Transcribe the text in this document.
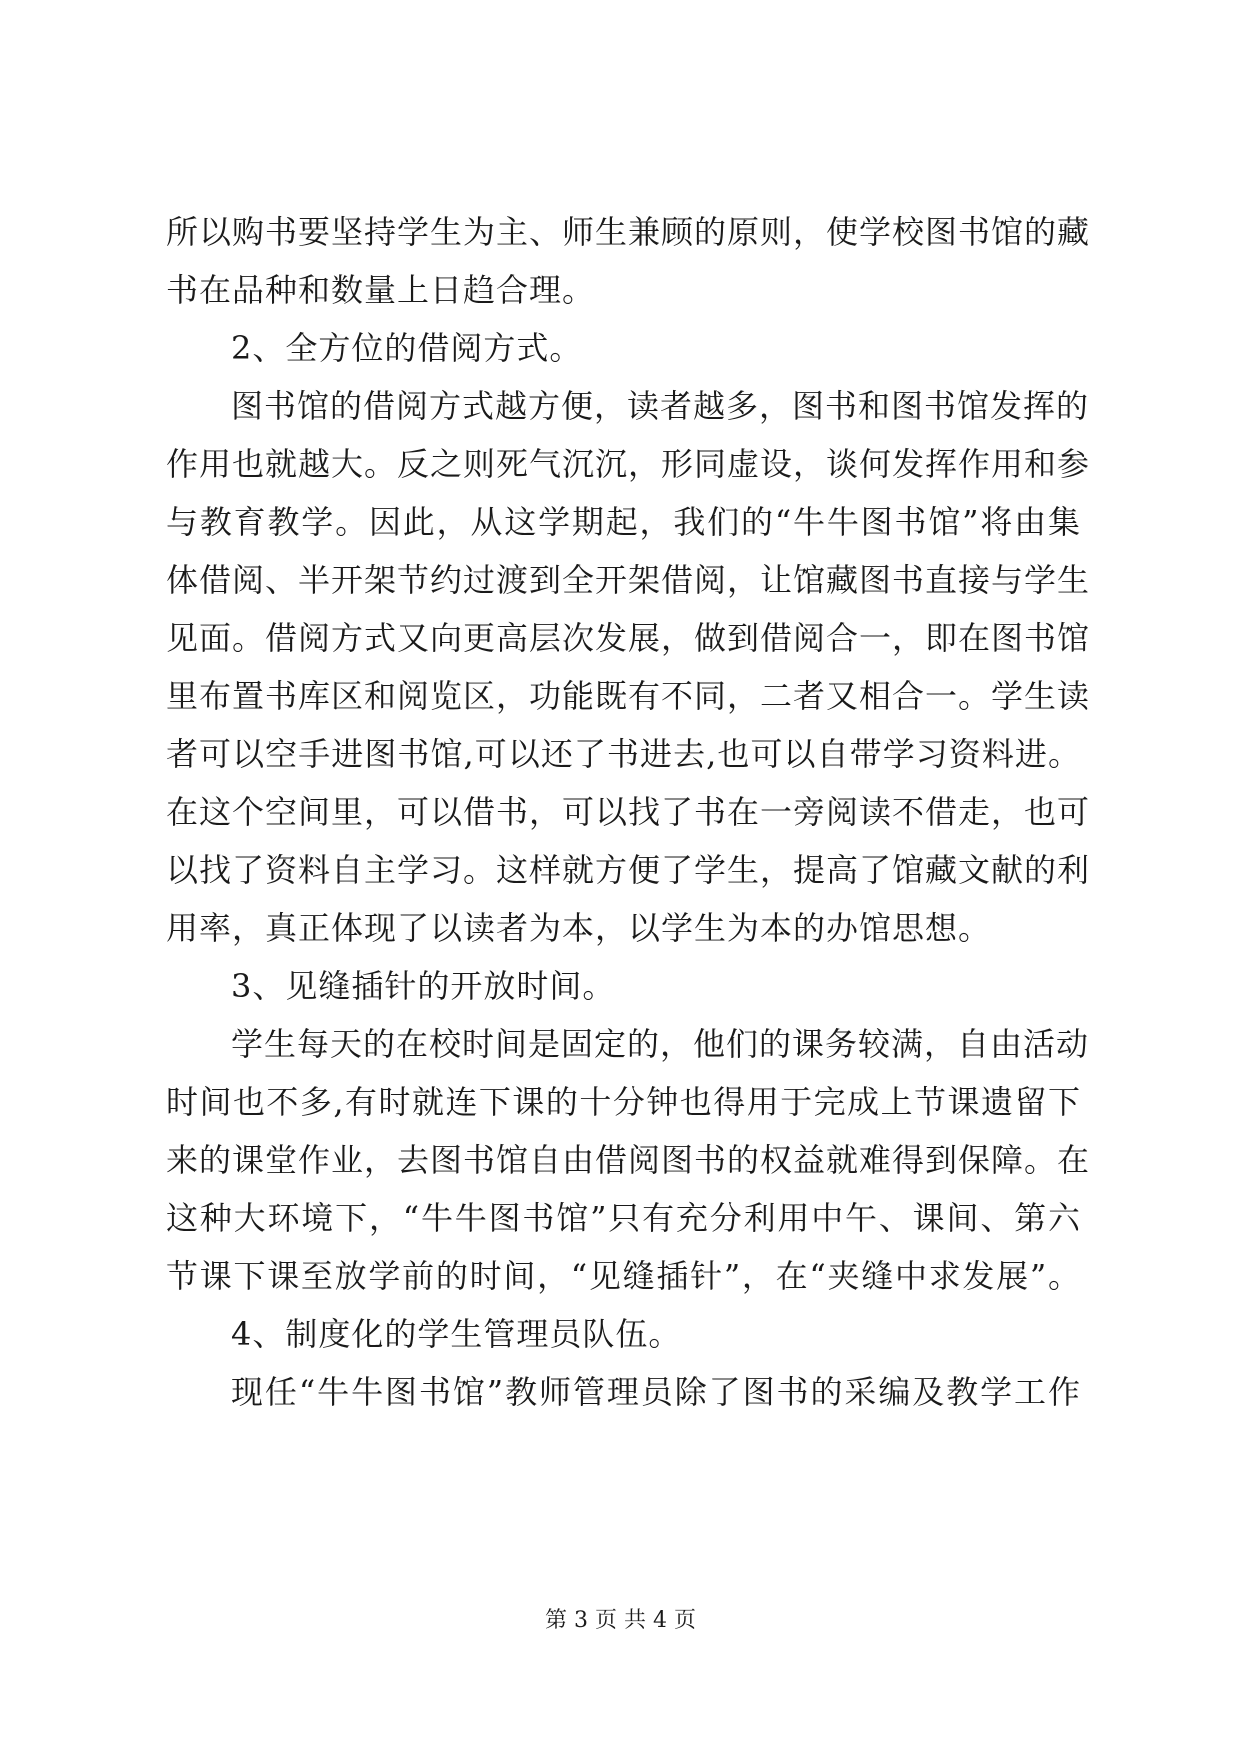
所以购书要坚持学生为主、师生兼顾的原则，使学校图书馆的藏
书在品种和数量上日趋合理。
2、全方位的借阅方式。
图书馆的借阅方式越方便，读者越多，图书和图书馆发挥的
作用也就越大。反之则死气沉沉，形同虚设，谈何发挥作用和参
与教育教学。因此，从这学期起，我们的“牛牛图书馆”将由集
体借阅、半开架节约过渡到全开架借阅，让馆藏图书直接与学生
见面。借阅方式又向更高层次发展，做到借阅合一，即在图书馆
里布置书库区和阅览区，功能既有不同，二者又相合一。学生读
者可以空手进图书馆,可以还了书进去,也可以自带学习资料进。
在这个空间里，可以借书，可以找了书在一旁阅读不借走，也可
以找了资料自主学习。这样就方便了学生，提高了馆藏文献的利
用率，真正体现了以读者为本，以学生为本的办馆思想。
3、见缝插针的开放时间。
学生每天的在校时间是固定的，他们的课务较满，自由活动
时间也不多,有时就连下课的十分钟也得用于完成上节课遗留下
来的课堂作业，去图书馆自由借阅图书的权益就难得到保障。在
这种大环境下，“牛牛图书馆”只有充分利用中午、课间、第六
节课下课至放学前的时间，“见缝插针”，在“夹缝中求发展”。
4、制度化的学生管理员队伍。
现任“牛牛图书馆”教师管理员除了图书的采编及教学工作
第 3 页 共 4 页
